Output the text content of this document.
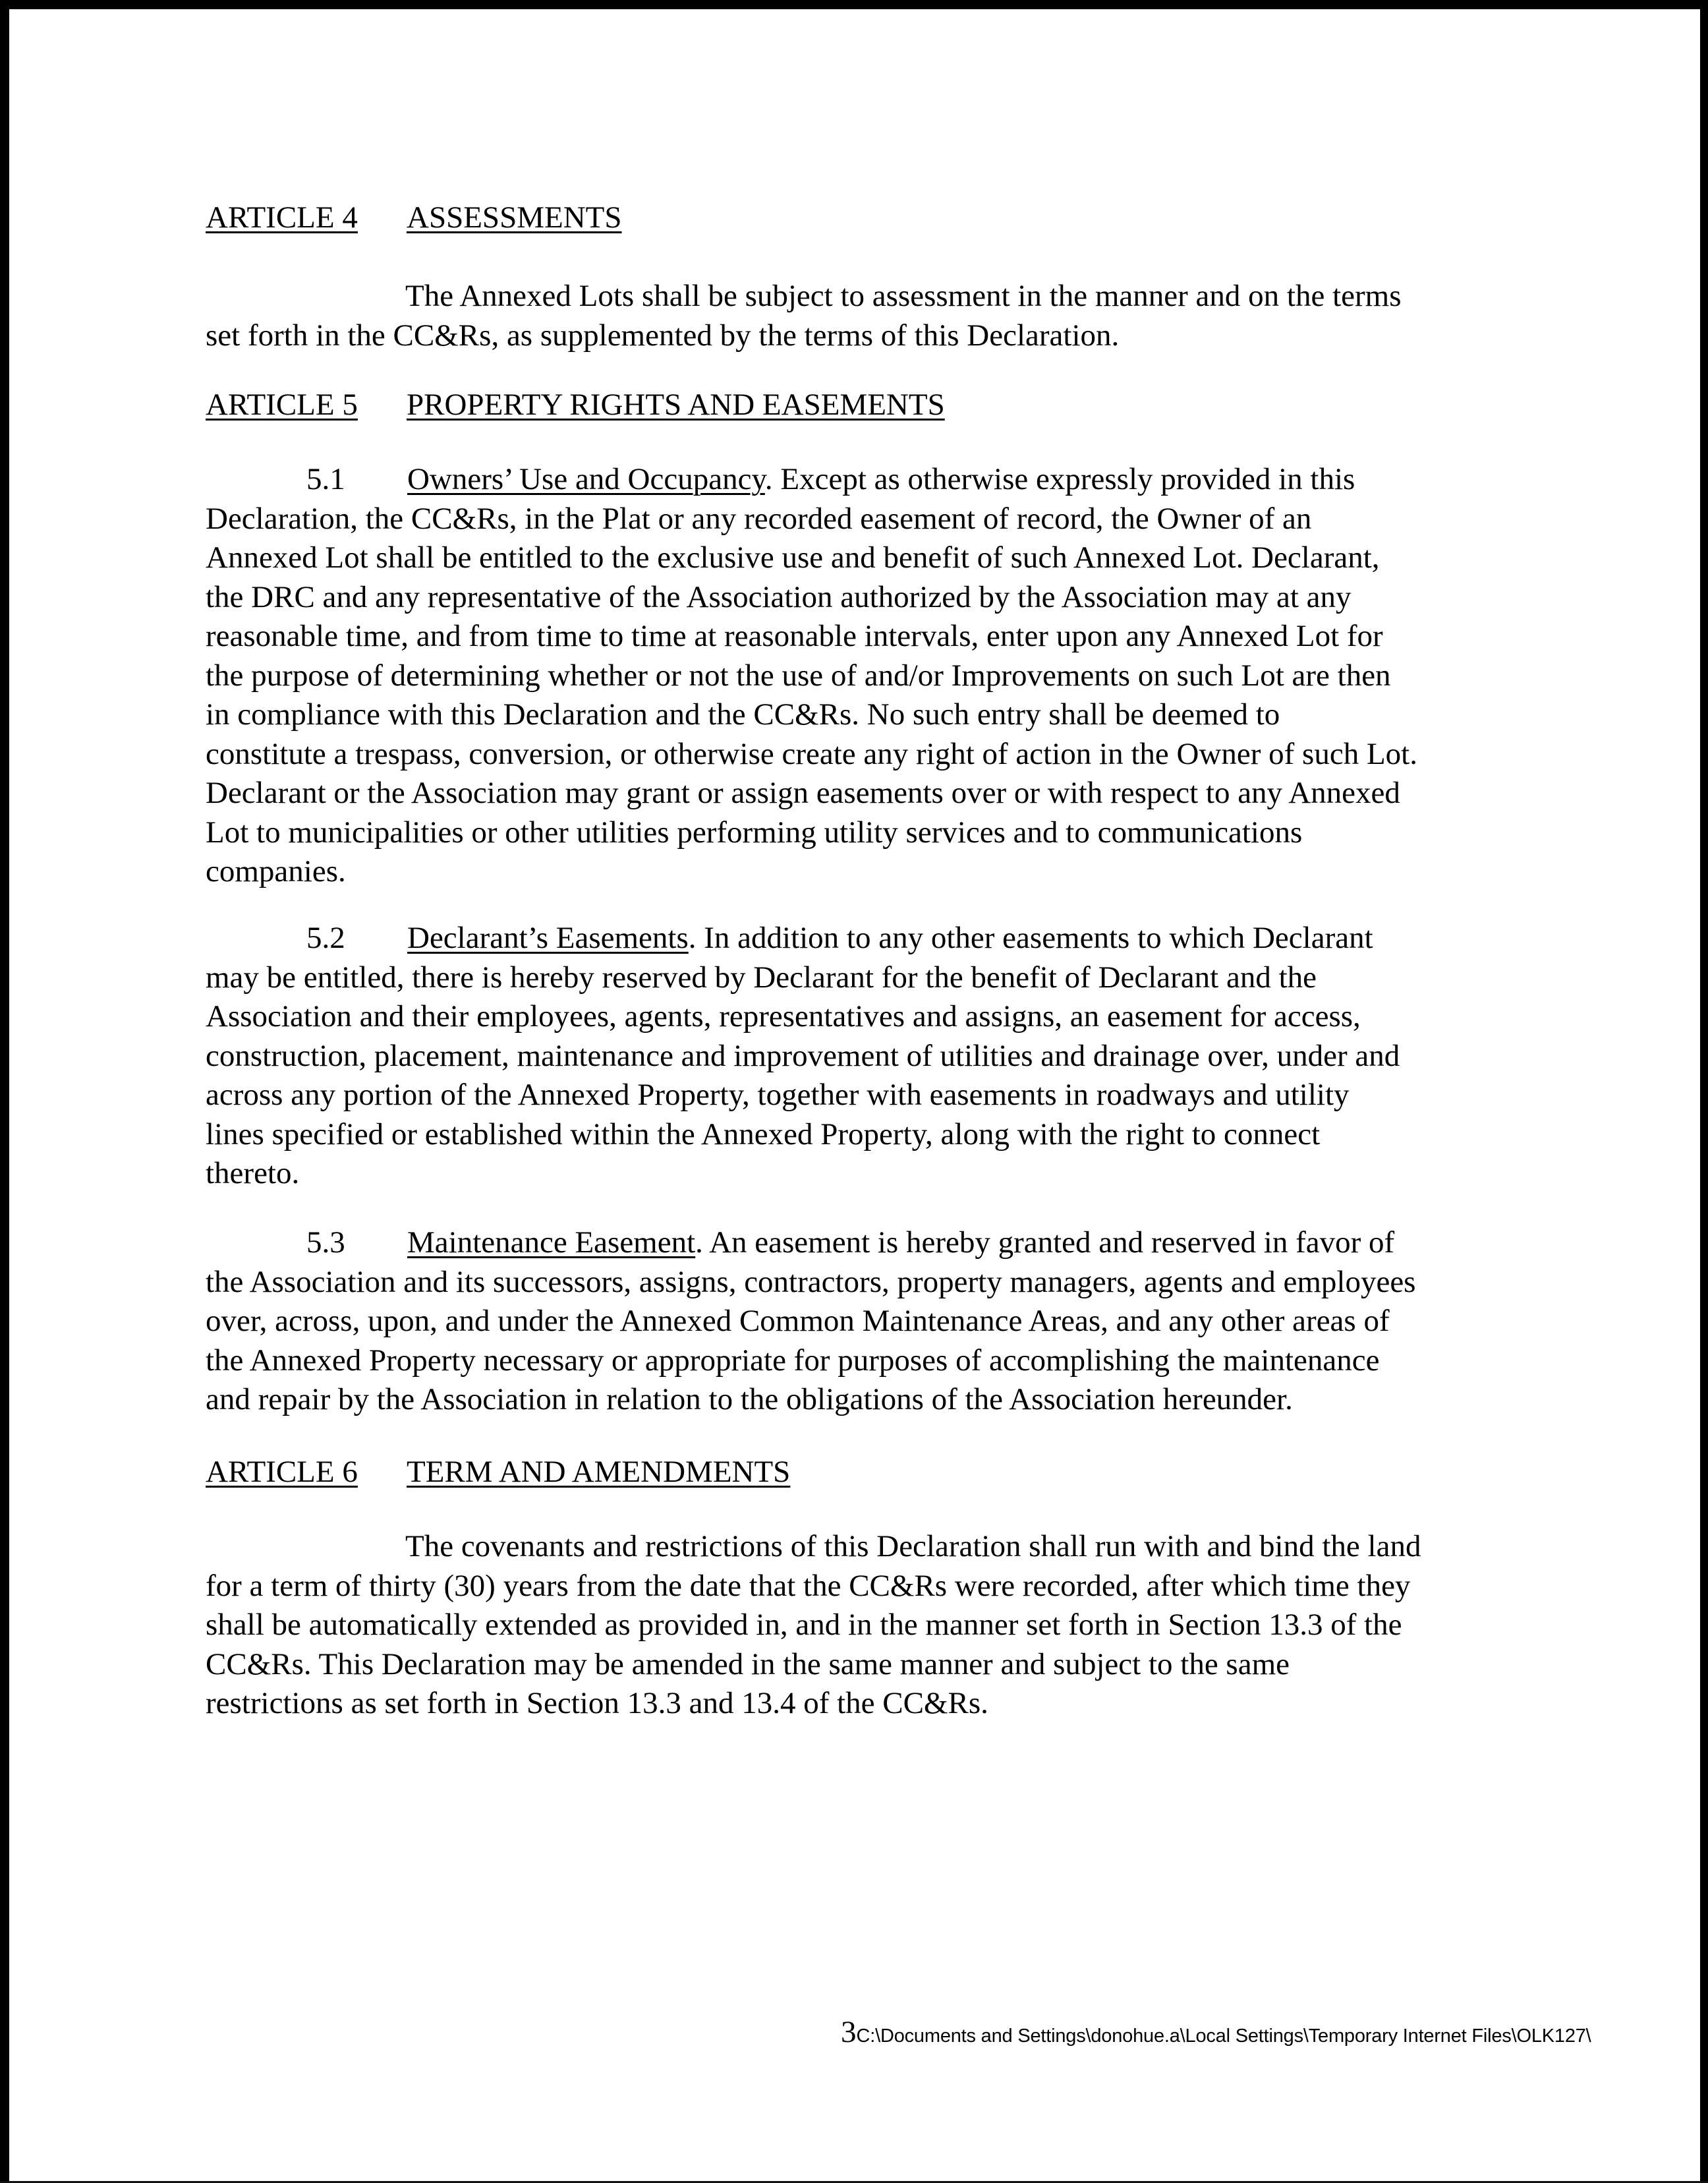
ARTICLE 4 ASSESSMENTS
The Annexed Lots shall be subject to assessment in the manner and on the terms
set forth in the CC&Rs, as supplemented by the terms of this Declaration.
ARTICLE 5 PROPERTY RIGHTS AND EASEMENTS
5.1 Owners’ Use and Occupancy. Except as otherwise expressly provided in this
Declaration, the CC&Rs, in the Plat or any recorded easement of record, the Owner of an
Annexed Lot shall be entitled to the exclusive use and benefit of such Annexed Lot. Declarant,
the DRC and any representative of the Association authorized by the Association may at any
reasonable time, and from time to time at reasonable intervals, enter upon any Annexed Lot for
the purpose of determining whether or not the use of and/or Improvements on such Lot are then
in compliance with this Declaration and the CC&Rs. No such entry shall be deemed to
constitute a trespass, conversion, or otherwise create any right of action in the Owner of such Lot.
Declarant or the Association may grant or assign easements over or with respect to any Annexed
Lot to municipalities or other utilities performing utility services and to communications
companies.
5.2 Declarant’s Easements. In addition to any other easements to which Declarant
may be entitled, there is hereby reserved by Declarant for the benefit of Declarant and the
Association and their employees, agents, representatives and assigns, an easement for access,
construction, placement, maintenance and improvement of utilities and drainage over, under and
across any portion of the Annexed Property, together with easements in roadways and utility
lines specified or established within the Annexed Property, along with the right to connect
thereto.
5.3 Maintenance Easement. An easement is hereby granted and reserved in favor of
the Association and its successors, assigns, contractors, property managers, agents and employees
over, across, upon, and under the Annexed Common Maintenance Areas, and any other areas of
the Annexed Property necessary or appropriate for purposes of accomplishing the maintenance
and repair by the Association in relation to the obligations of the Association hereunder.
ARTICLE 6 TERM AND AMENDMENTS
The covenants and restrictions of this Declaration shall run with and bind the land
for a term of thirty (30) years from the date that the CC&Rs were recorded, after which time they
shall be automatically extended as provided in, and in the manner set forth in Section 13.3 of the
CC&Rs. This Declaration may be amended in the same manner and subject to the same
restrictions as set forth in Section 13.3 and 13.4 of the CC&Rs.
3C:\Documents and Settings\donohue.a\Local Settings\Temporary Internet Files\OLK127\
